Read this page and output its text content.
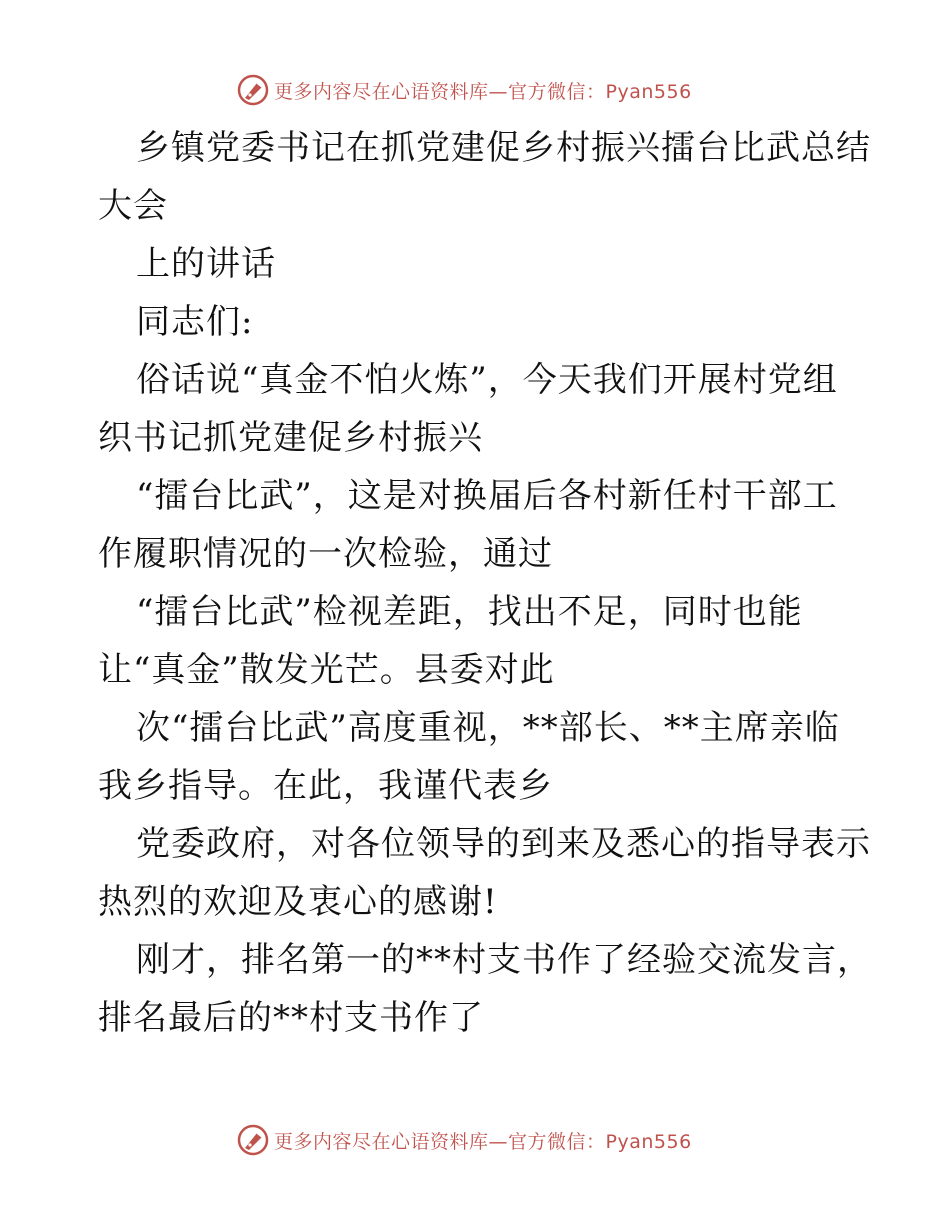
更多内容尽在心语资料库—官方微信：Pyan556

乡镇党委书记在抓党建促乡村振兴擂台比武总结

大会

上的讲话

同志们:

俗话说“真金不怕火炼”，今天我们开展村党组

织书记抓党建促乡村振兴

“擂台比武”，这是对换届后各村新任村干部工

作履职情况的一次检验，通过

“擂台比武”检视差距，找出不足，同时也能

让“真金”散发光芒。县委对此

次“擂台比武”高度重视，**部长、**主席亲临

我乡指导。在此，我谨代表乡

党委政府，对各位领导的到来及悉心的指导表示

热烈的欢迎及衷心的感谢!

刚才，排名第一的**村支书作了经验交流发言，

排名最后的**村支书作了

更多内容尽在心语资料库—官方微信：Pyan556
